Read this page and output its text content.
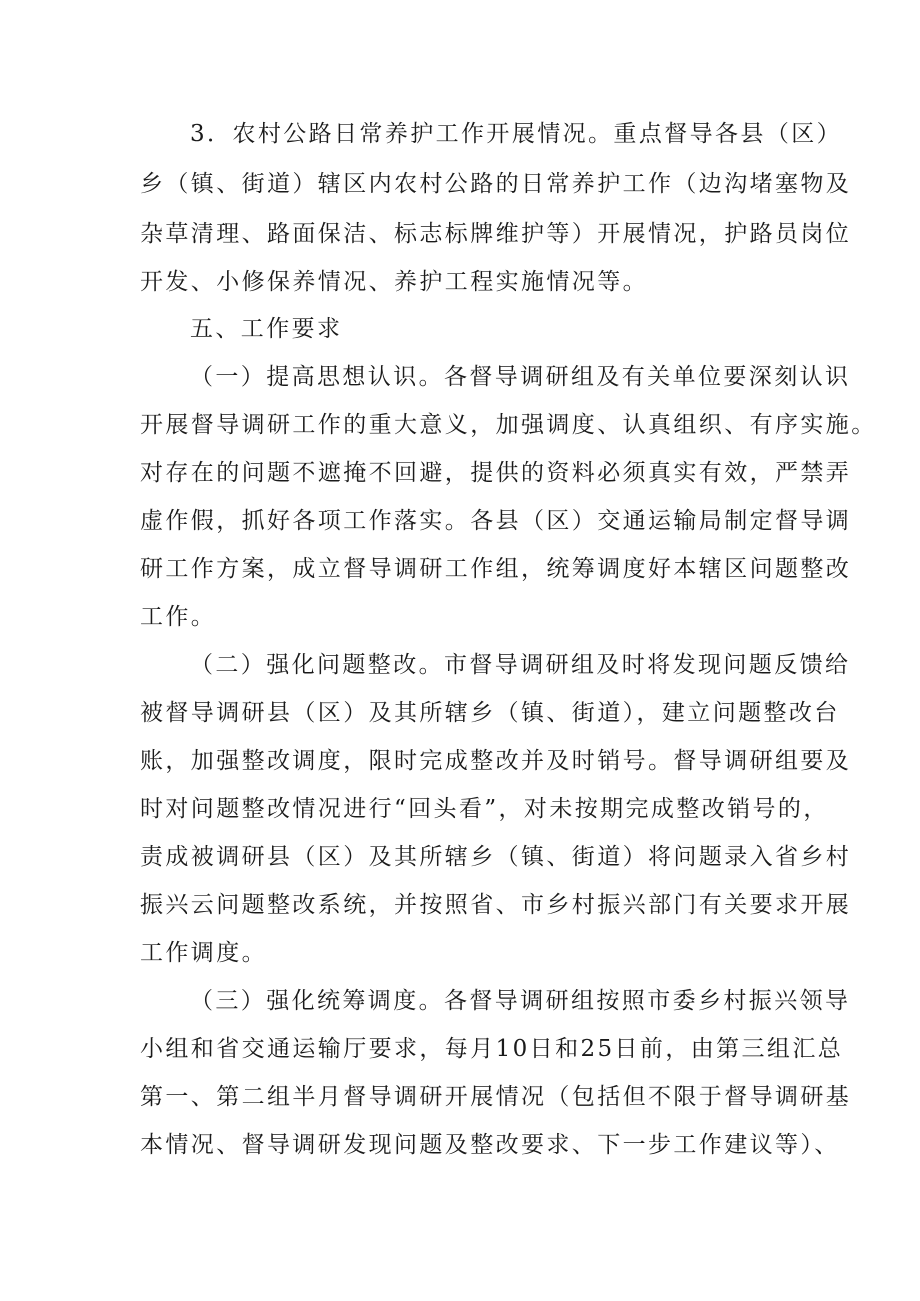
3．农村公路日常养护工作开展情况。重点督导各县（区）
乡（镇、街道）辖区内农村公路的日常养护工作（边沟堵塞物及
杂草清理、路面保洁、标志标牌维护等）开展情况，护路员岗位
开发、小修保养情况、养护工程实施情况等。
五、工作要求
（一）提高思想认识。各督导调研组及有关单位要深刻认识
开展督导调研工作的重大意义，加强调度、认真组织、有序实施。
对存在的问题不遮掩不回避，提供的资料必须真实有效，严禁弄
虚作假，抓好各项工作落实。各县（区）交通运输局制定督导调
研工作方案，成立督导调研工作组，统筹调度好本辖区问题整改
工作。
（二）强化问题整改。市督导调研组及时将发现问题反馈给
被督导调研县（区）及其所辖乡（镇、街道），建立问题整改台
账，加强整改调度，限时完成整改并及时销号。督导调研组要及
时对问题整改情况进行“回头看”，对未按期完成整改销号的，
责成被调研县（区）及其所辖乡（镇、街道）将问题录入省乡村
振兴云问题整改系统，并按照省、市乡村振兴部门有关要求开展
工作调度。
（三）强化统筹调度。各督导调研组按照市委乡村振兴领导
小组和省交通运输厅要求，每月10日和25日前，由第三组汇总
第一、第二组半月督导调研开展情况（包括但不限于督导调研基
本情况、督导调研发现问题及整改要求、下一步工作建议等）、
